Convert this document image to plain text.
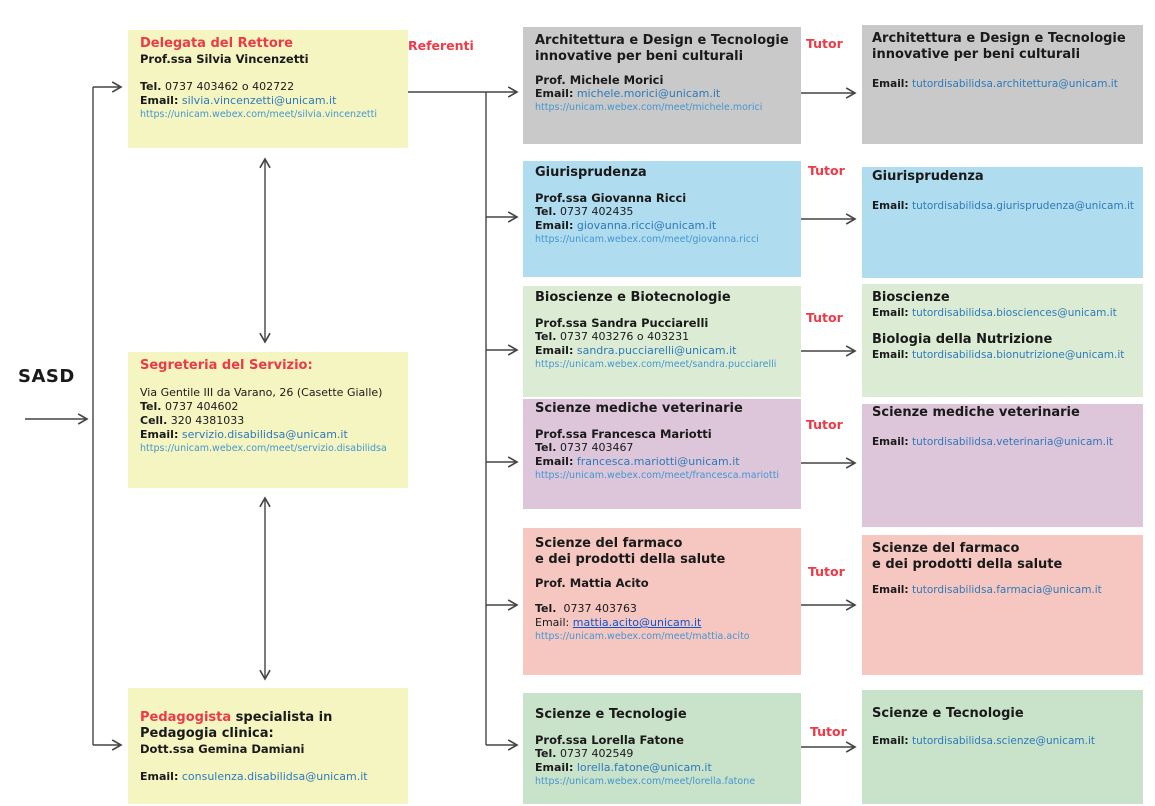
SASD
Referenti	Tutor
Tutor
Tutor
Tutor
Tutor
Tutor
Delegata del Rettore
Prof.ssa Silvia Vincenzetti
Tel. 0737 403462 o 402722
Email: silvia.vincenzetti@unicam.it
https://unicam.webex.com/meet/silvia.vincenzetti
Segreteria del Servizio:
Via Gentile III da Varano, 26 (Casette Gialle)
Tel. 0737 404602
Cell. 320 4381033
Email: servizio.disabilidsa@unicam.it
https://unicam.webex.com/meet/servizio.disabilidsa
Pedagogista specialista in
Pedagogia clinica:
Dott.ssa Gemina Damiani
Email: consulenza.disabilidsa@unicam.it
Architettura e Design e Tecnologie
innovative per beni culturali
Prof. Michele Morici
Email: michele.morici@unicam.it
https://unicam.webex.com/meet/michele.morici
Giurisprudenza
Prof.ssa Giovanna Ricci
Tel. 0737 402435
Email: giovanna.ricci@unicam.it
https://unicam.webex.com/meet/giovanna.ricci
Bioscienze e Biotecnologie
Prof.ssa Sandra Pucciarelli
Tel. 0737 403276 o 403231
Email: sandra.pucciarelli@unicam.it
https://unicam.webex.com/meet/sandra.pucciarelli
Scienze mediche veterinarie
Prof.ssa Francesca Mariotti
Tel. 0737 403467
Email: francesca.mariotti@unicam.it
https://unicam.webex.com/meet/francesca.mariotti
Scienze del farmaco
e dei prodotti della salute
Prof. Mattia Acito
Tel. 0737 403763
Email: mattia.acito@unicam.it
https://unicam.webex.com/meet/mattia.acito
Scienze e Tecnologie
Prof.ssa Lorella Fatone
Tel. 0737 402549
Email: lorella.fatone@unicam.it
https://unicam.webex.com/meet/lorella.fatone
Architettura e Design e Tecnologie
innovative per beni culturali
Email: tutordisabilidsa.architettura@unicam.it
Giurisprudenza
Email: tutordisabilidsa.giurisprudenza@unicam.it
Bioscienze
Email: tutordisabilidsa.biosciences@unicam.it
Biologia della Nutrizione
Email: tutordisabilidsa.bionutrizione@unicam.it
Scienze mediche veterinarie
Email: tutordisabilidsa.veterinaria@unicam.it
Scienze del farmaco
e dei prodotti della salute
Email: tutordisabilidsa.farmacia@unicam.it
Scienze e Tecnologie
Email: tutordisabilidsa.scienze@unicam.it
